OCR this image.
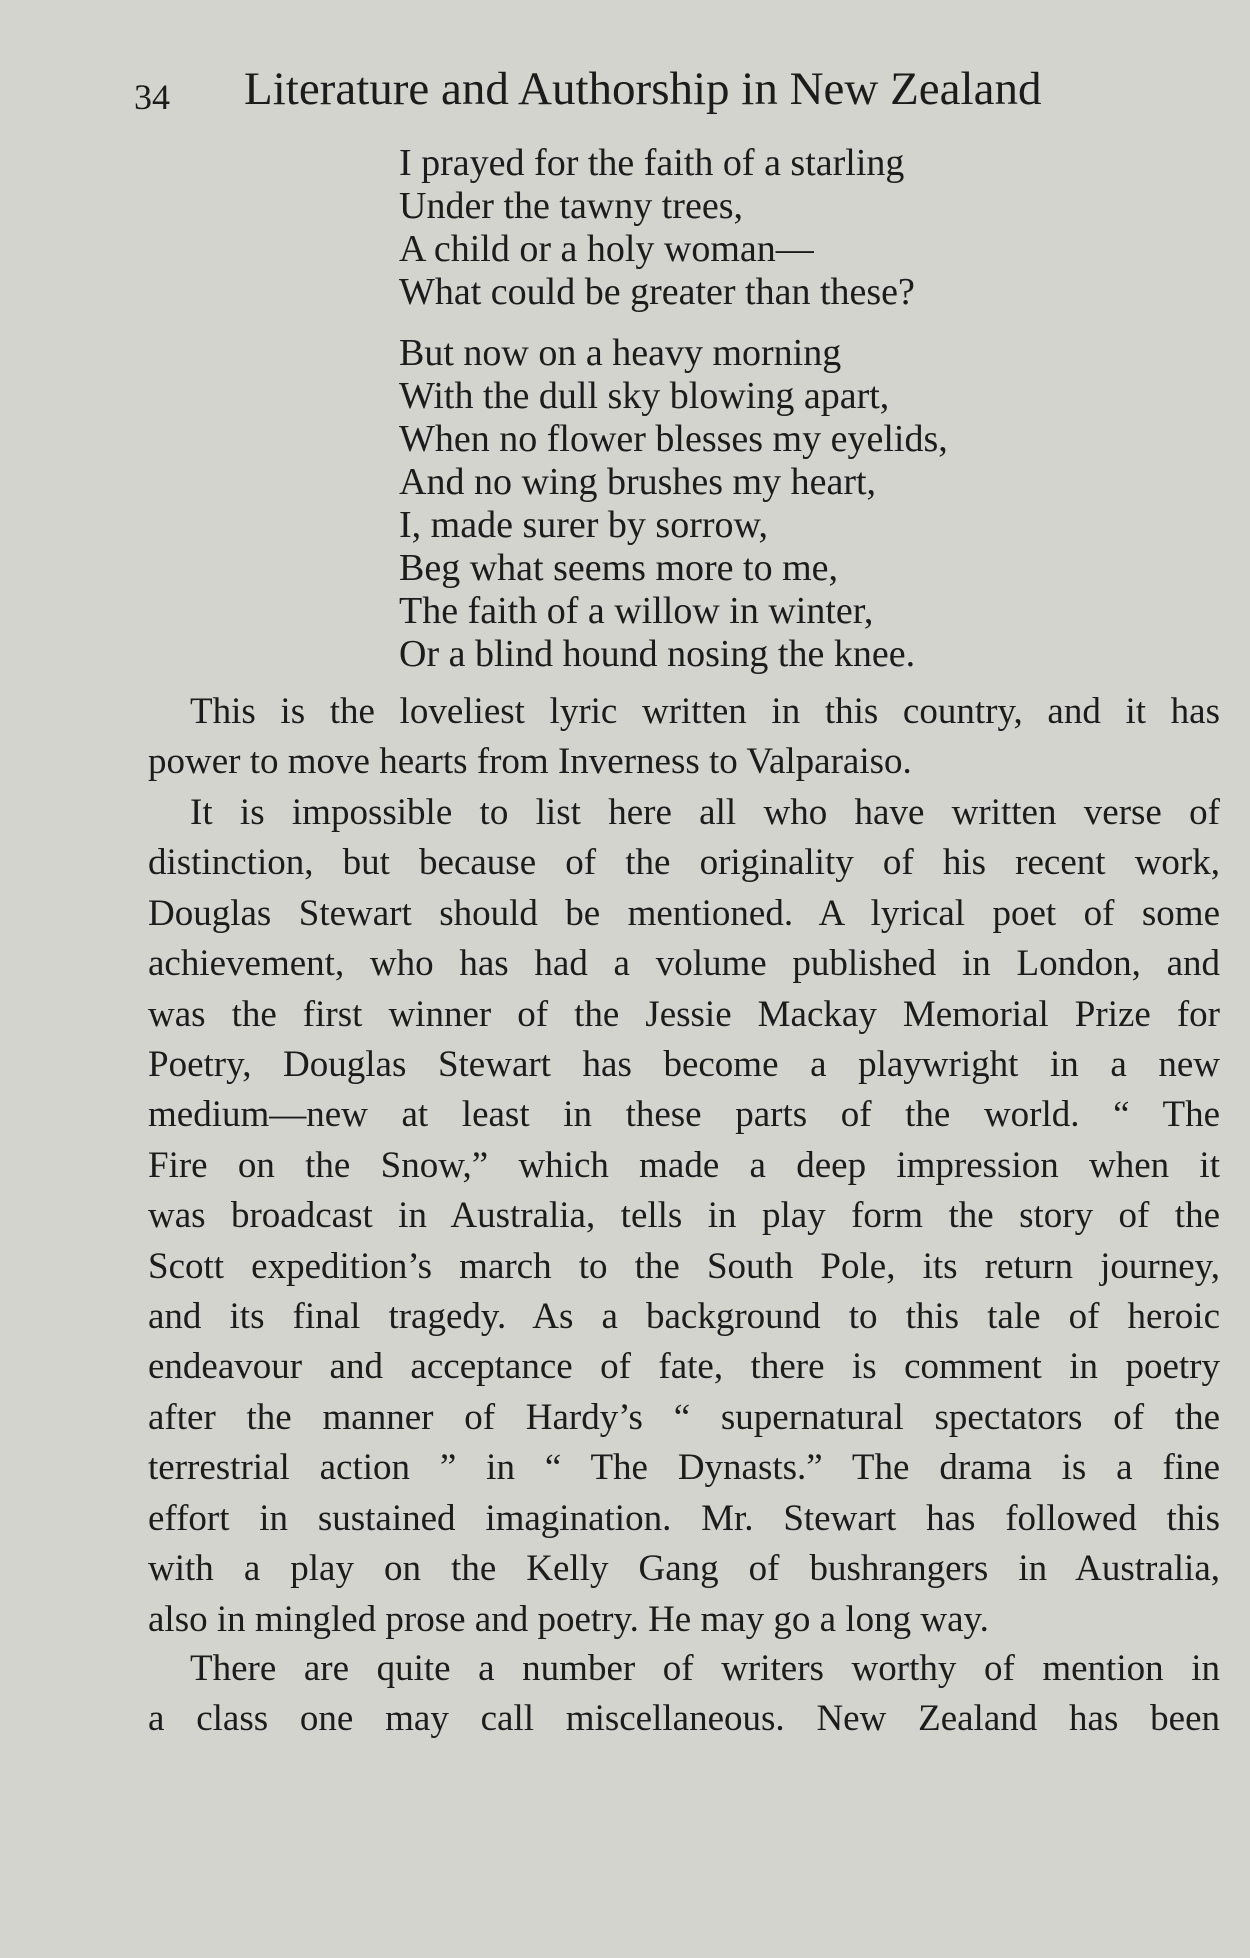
34 Literature and Authorship in New Zealand
I prayed for the faith of a starling
Under the tawny trees,
A child or a holy woman—
What could be greater than these?
But now on a heavy morning
With the dull sky blowing apart,
When no flower blesses my eyelids,
And no wing brushes my heart,
I, made surer by sorrow,
Beg what seems more to me,
The faith of a willow in winter,
Or a blind hound nosing the knee.
This is the loveliest lyric written in this country, and it has
power to move hearts from Inverness to Valparaiso.
It is impossible to list here all who have written verse of
distinction, but because of the originality of his recent work,
Douglas Stewart should be mentioned. A lyrical poet of some
achievement, who has had a volume published in London, and
was the first winner of the Jessie Mackay Memorial Prize for
Poetry, Douglas Stewart has become a playwright in a new
medium—new at least in these parts of the world. “ The
Fire on the Snow,” which made a deep impression when it
was broadcast in Australia, tells in play form the story of the
Scott expedition’s march to the South Pole, its return journey,
and its final tragedy. As a background to this tale of heroic
endeavour and acceptance of fate, there is comment in poetry
after the manner of Hardy’s “ supernatural spectators of the
terrestrial action ” in “ The Dynasts.” The drama is a fine
effort in sustained imagination. Mr. Stewart has followed this
with a play on the Kelly Gang of bushrangers in Australia,
also in mingled prose and poetry. He may go a long way.
There are quite a number of writers worthy of mention in
a class one may call miscellaneous. New Zealand has been
